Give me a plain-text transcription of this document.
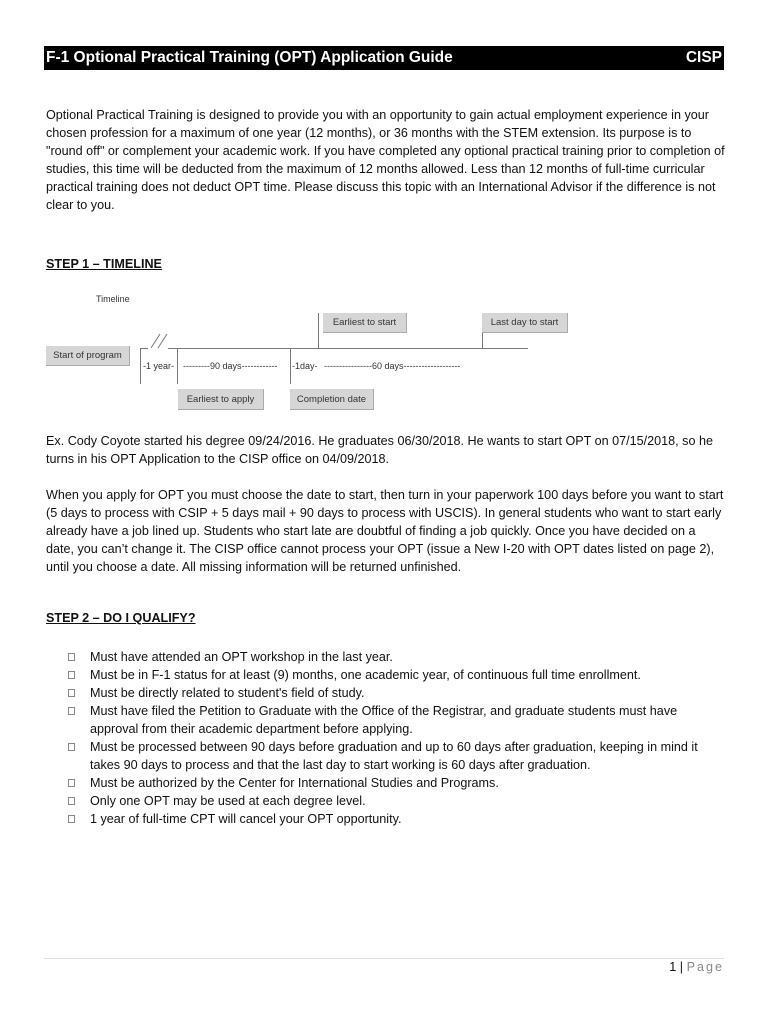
F-1 Optional Practical Training (OPT) Application Guide	CISP
Optional Practical Training is designed to provide you with an opportunity to gain actual employment experience in your chosen profession for a maximum of one year (12 months), or 36 months with the STEM extension. Its purpose is to "round off" or complement your academic work. If you have completed any optional practical training prior to completion of studies, this time will be deducted from the maximum of 12 months allowed. Less than 12 months of full-time curricular practical training does not deduct OPT time. Please discuss this topic with an International Advisor if the difference is not clear to you.
STEP 1 – TIMELINE
Timeline
Earliest to start	Last day to start
Start of program
-1 year- ---------90 days------------ -1day- ----------------60 days-------------------
Earliest to apply	Completion date
Ex. Cody Coyote started his degree 09/24/2016. He graduates 06/30/2018. He wants to start OPT on 07/15/2018, so he turns in his OPT Application to the CISP office on 04/09/2018.
When you apply for OPT you must choose the date to start, then turn in your paperwork 100 days before you want to start (5 days to process with CSIP + 5 days mail + 90 days to process with USCIS). In general students who want to start early already have a job lined up. Students who start late are doubtful of finding a job quickly. Once you have decided on a date, you can’t change it. The CISP office cannot process your OPT (issue a New I-20 with OPT dates listed on page 2), until you choose a date. All missing information will be returned unfinished.
STEP 2 – DO I QUALIFY?
Must have attended an OPT workshop in the last year.
Must be in F-1 status for at least (9) months, one academic year, of continuous full time enrollment.
Must be directly related to student's field of study.
Must have filed the Petition to Graduate with the Office of the Registrar, and graduate students must have approval from their academic department before applying.
Must be processed between 90 days before graduation and up to 60 days after graduation, keeping in mind it takes 90 days to process and that the last day to start working is 60 days after graduation.
Must be authorized by the Center for International Studies and Programs.
Only one OPT may be used at each degree level.
1 year of full-time CPT will cancel your OPT opportunity.
1 | Page
